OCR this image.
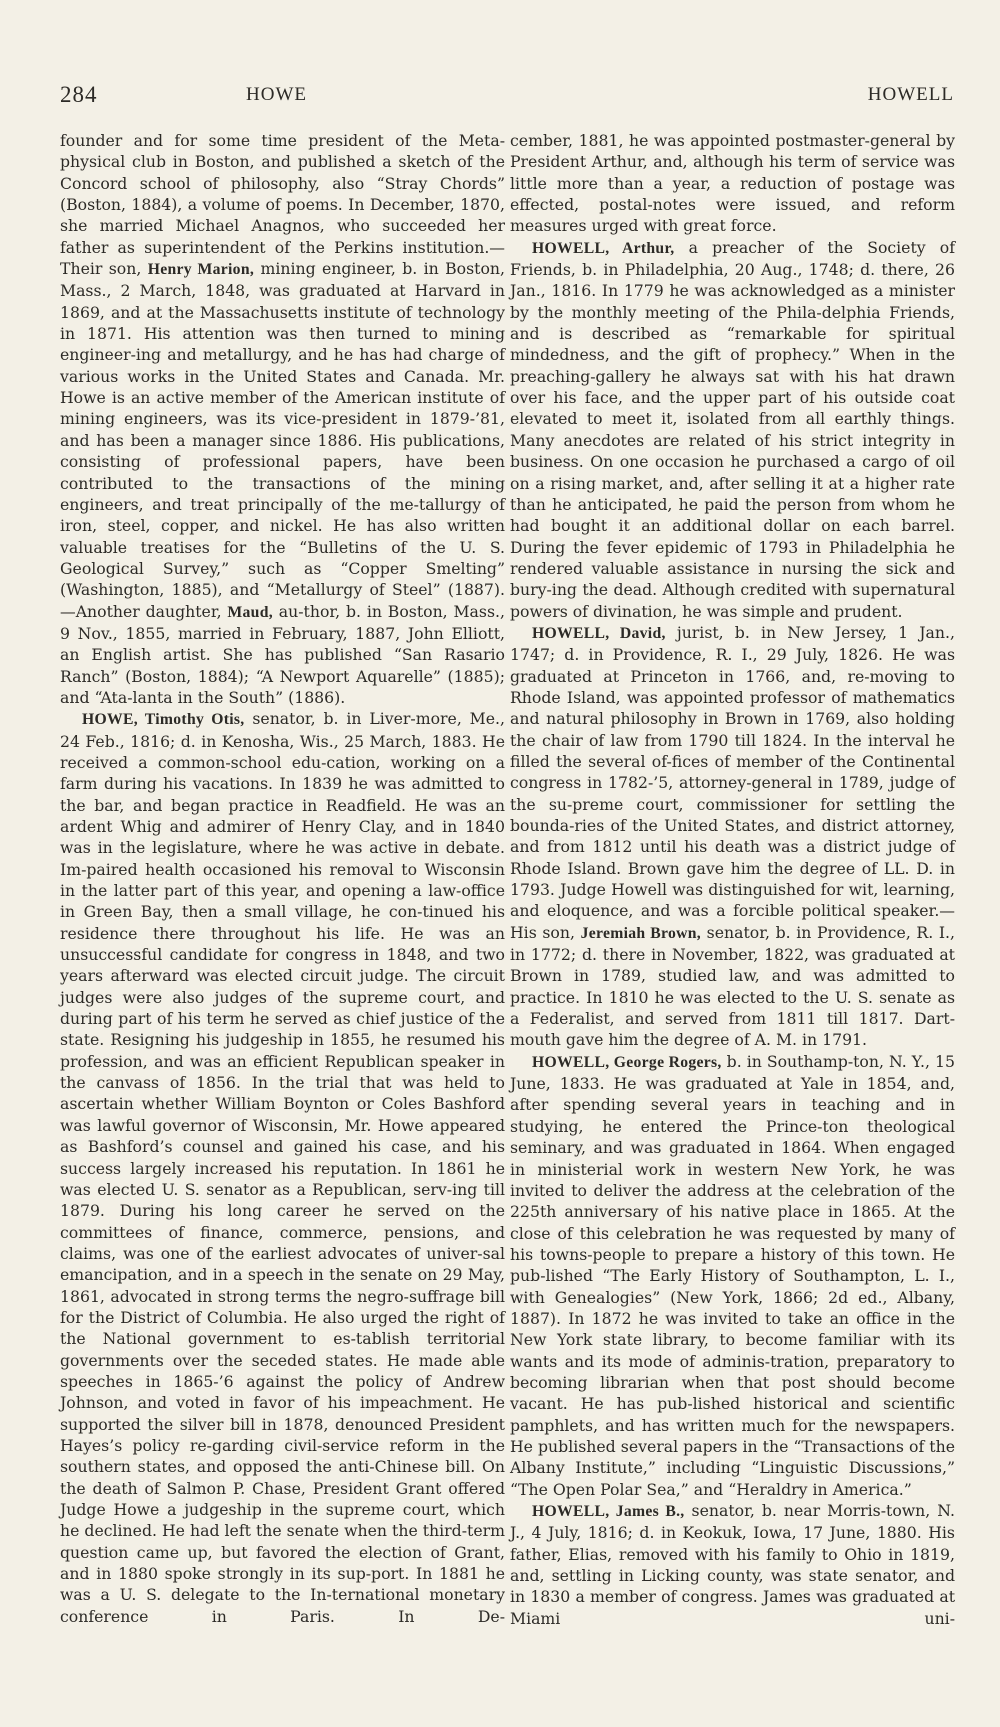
284	HOWE	HOWELL

founder and for some time president of the Meta-physical club in Boston, and published a sketch of the Concord school of philosophy, also “Stray Chords” (Boston, 1884), a volume of poems. In December, 1870, she married Michael Anagnos, who succeeded her father as superintendent of the Perkins institution.—Their son, Henry Marion, mining engineer, b. in Boston, Mass., 2 March, 1848, was graduated at Harvard in 1869, and at the Massachusetts institute of technology in 1871. His attention was then turned to mining engineer-ing and metallurgy, and he has had charge of various works in the United States and Canada. Mr. Howe is an active member of the American institute of mining engineers, was its vice-president in 1879-’81, and has been a manager since 1886. His publications, consisting of professional papers, have been contributed to the transactions of the mining engineers, and treat principally of the me-tallurgy of iron, steel, copper, and nickel. He has also written valuable treatises for the “Bulletins of the U. S. Geological Survey,” such as “Copper Smelting” (Washington, 1885), and “Metallurgy of Steel” (1887).—Another daughter, Maud, au-thor, b. in Boston, Mass., 9 Nov., 1855, married in February, 1887, John Elliott, an English artist. She has published “San Rasario Ranch” (Boston, 1884); “A Newport Aquarelle” (1885); and “Ata-lanta in the South” (1886).

HOWE, Timothy Otis, senator, b. in Liver-more, Me., 24 Feb., 1816; d. in Kenosha, Wis., 25 March, 1883. He received a common-school edu-cation, working on a farm during his vacations. In 1839 he was admitted to the bar, and began practice in Readfield. He was an ardent Whig and admirer of Henry Clay, and in 1840 was in the legislature, where he was active in debate. Im-paired health occasioned his removal to Wisconsin in the latter part of this year, and opening a law-office in Green Bay, then a small village, he con-tinued his residence there throughout his life. He was an unsuccessful candidate for congress in 1848, and two years afterward was elected circuit judge. The circuit judges were also judges of the supreme court, and during part of his term he served as chief justice of the state. Resigning his judgeship in 1855, he resumed his profession, and was an efficient Republican speaker in the canvass of 1856. In the trial that was held to ascertain whether William Boynton or Coles Bashford was lawful governor of Wisconsin, Mr. Howe appeared as Bashford’s counsel and gained his case, and his success largely increased his reputation. In 1861 he was elected U. S. senator as a Republican, serv-ing till 1879. During his long career he served on the committees of finance, commerce, pensions, and claims, was one of the earliest advocates of univer-sal emancipation, and in a speech in the senate on 29 May, 1861, advocated in strong terms the negro-suffrage bill for the District of Columbia. He also urged the right of the National government to es-tablish territorial governments over the seceded states. He made able speeches in 1865-’6 against the policy of Andrew Johnson, and voted in favor of his impeachment. He supported the silver bill in 1878, denounced President Hayes’s policy re-garding civil-service reform in the southern states, and opposed the anti-Chinese bill. On the death of Salmon P. Chase, President Grant offered Judge Howe a judgeship in the supreme court, which he declined. He had left the senate when the third-term question came up, but favored the election of Grant, and in 1880 spoke strongly in its sup-port. In 1881 he was a U. S. delegate to the In-ternational monetary conference in Paris. In De-

cember, 1881, he was appointed postmaster-general by President Arthur, and, although his term of service was little more than a year, a reduction of postage was effected, postal-notes were issued, and reform measures urged with great force.

HOWELL, Arthur, a preacher of the Society of Friends, b. in Philadelphia, 20 Aug., 1748; d. there, 26 Jan., 1816. In 1779 he was acknowledged as a minister by the monthly meeting of the Phila-delphia Friends, and is described as “remarkable for spiritual mindedness, and the gift of prophecy.” When in the preaching-gallery he always sat with his hat drawn over his face, and the upper part of his outside coat elevated to meet it, isolated from all earthly things. Many anecdotes are related of his strict integrity in business. On one occasion he purchased a cargo of oil on a rising market, and, after selling it at a higher rate than he anticipated, he paid the person from whom he had bought it an additional dollar on each barrel. During the fever epidemic of 1793 in Philadelphia he rendered valuable assistance in nursing the sick and bury-ing the dead. Although credited with supernatural powers of divination, he was simple and prudent.

HOWELL, David, jurist, b. in New Jersey, 1 Jan., 1747; d. in Providence, R. I., 29 July, 1826. He was graduated at Princeton in 1766, and, re-moving to Rhode Island, was appointed professor of mathematics and natural philosophy in Brown in 1769, also holding the chair of law from 1790 till 1824. In the interval he filled the several of-fices of member of the Continental congress in 1782-’5, attorney-general in 1789, judge of the su-preme court, commissioner for settling the bounda-ries of the United States, and district attorney, and from 1812 until his death was a district judge of Rhode Island. Brown gave him the degree of LL. D. in 1793. Judge Howell was distinguished for wit, learning, and eloquence, and was a forcible political speaker.—His son, Jeremiah Brown, senator, b. in Providence, R. I., in 1772; d. there in November, 1822, was graduated at Brown in 1789, studied law, and was admitted to practice. In 1810 he was elected to the U. S. senate as a Federalist, and served from 1811 till 1817. Dart-mouth gave him the degree of A. M. in 1791.

HOWELL, George Rogers, b. in Southamp-ton, N. Y., 15 June, 1833. He was graduated at Yale in 1854, and, after spending several years in teaching and in studying, he entered the Prince-ton theological seminary, and was graduated in 1864. When engaged in ministerial work in western New York, he was invited to deliver the address at the celebration of the 225th anniversary of his native place in 1865. At the close of this celebration he was requested by many of his towns-people to prepare a history of this town. He pub-lished “The Early History of Southampton, L. I., with Genealogies” (New York, 1866; 2d ed., Albany, 1887). In 1872 he was invited to take an office in the New York state library, to become familiar with its wants and its mode of adminis-tration, preparatory to becoming librarian when that post should become vacant. He has pub-lished historical and scientific pamphlets, and has written much for the newspapers. He published several papers in the “Transactions of the Albany Institute,” including “Linguistic Discussions,” “The Open Polar Sea,” and “Heraldry in America.”

HOWELL, James B., senator, b. near Morris-town, N. J., 4 July, 1816; d. in Keokuk, Iowa, 17 June, 1880. His father, Elias, removed with his family to Ohio in 1819, and, settling in Licking county, was state senator, and in 1830 a member of congress. James was graduated at Miami uni-
